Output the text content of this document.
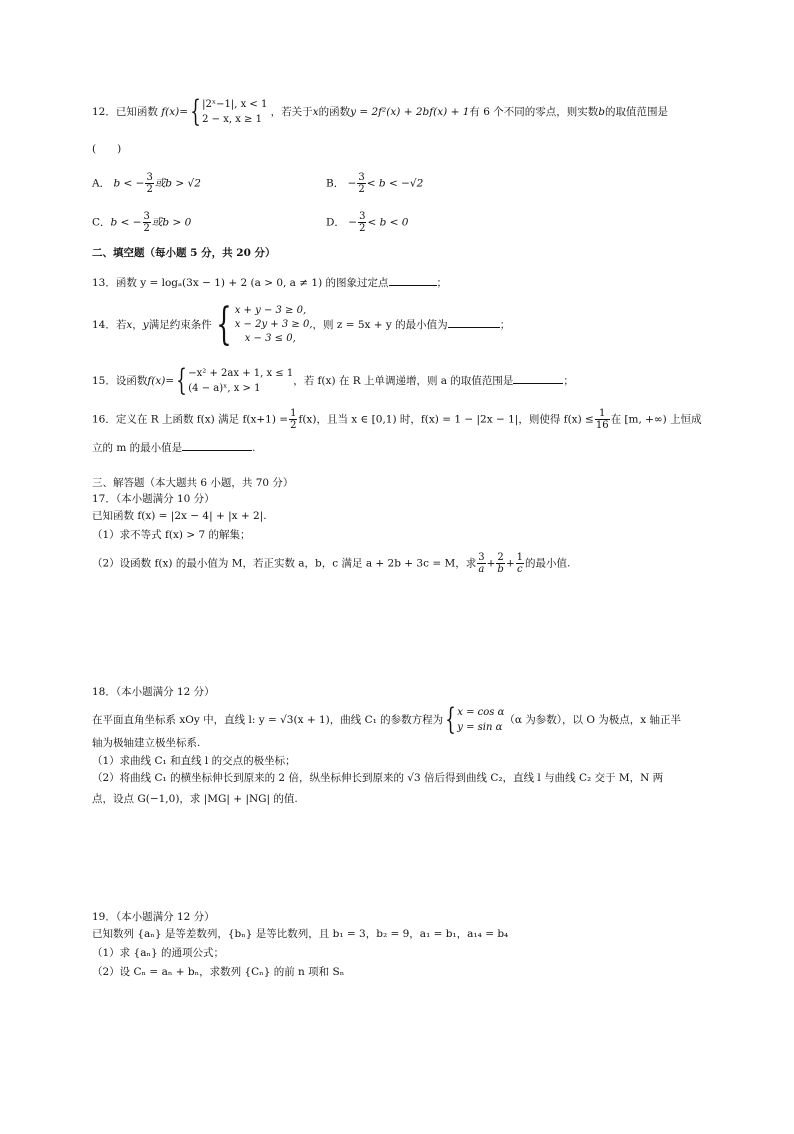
12．已知函数 f(x)={ |2ˣ−1|, x < 1
2 − x, x ≥ 1
，若关于x的函数y = 2f²(x) + 2bf(x) + 1有 6 个不同的零点，则实数b的取值范围是
(　　)
A． b < − $\frac{3}{2}$ 或b > √2	B． − $\frac{3}{2} < b < -√2$
C．b < − $\frac{3}{2}$ 或b > 0	D． − $\frac{3}{2} < b < 0$
二、填空题（每小题 5 分，共 20 分）
13．函数 y = logₐ(3x − 1) + 2 (a > 0, a ≠ 1) 的图象过定点	；
14．若x，y满足约束条件{ x + y − 3 ≥ 0,
x − 2y + 3 ≥ 0,
x − 3 ≤ 0,
，则 z = 5x + y 的最小值为	；
15．设函数f(x)={ −x² + 2ax + 1, x ≤ 1
(4 − a)ˣ, x > 1
，若 f(x) 在 R 上单调递增，则 a 的取值范围是	；
16．定义在 R 上函数 f(x) 满足 $f(x+1) = \frac{1}{2} f(x)$，且当 x ∈ [0,1) 时，f(x) = 1 − |2x − 1|，则使得 $f(x) \le \frac{1}{16}$ 在 [m, +∞) 上恒成
立的 m 的最小值是	.
三、解答题（本大题共 6 小题，共 70 分）
17．（本小题满分 10 分）
已知函数 f(x) = |2x − 4| + |x + 2|.
（1）求不等式 f(x) > 7 的解集；
（2）设函数 f(x) 的最小值为 M，若正实数 a，b，c 满足 a + 2b + 3c = M，求 $\frac{3}{a} + \frac{2}{b} + \frac{1}{c}$ 的最小值.
18．（本小题满分 12 分）
在平面直角坐标系 xOy 中，直线 l: y = √3(x + 1)，曲线 C₁ 的参数方程为{ x = cos α
y = sin α
（α 为参数），以 O 为极点，x 轴正半
轴为极轴建立极坐标系.
（1）求曲线 C₁ 和直线 l 的交点的极坐标；
（2）将曲线 C₁ 的横坐标伸长到原来的 2 倍，纵坐标伸长到原来的 √3 倍后得到曲线 C₂，直线 l 与曲线 C₂ 交于 M，N 两
点，设点 G(−1,0)，求 |MG| + |NG| 的值.
19．（本小题满分 12 分）
已知数列 {aₙ} 是等差数列，{bₙ} 是等比数列，且 b₁ = 3，b₂ = 9，a₁ = b₁，a₁₄ = b₄
（1）求 {aₙ} 的通项公式；
（2）设 Cₙ = aₙ + bₙ，求数列 {Cₙ} 的前 n 项和 Sₙ
